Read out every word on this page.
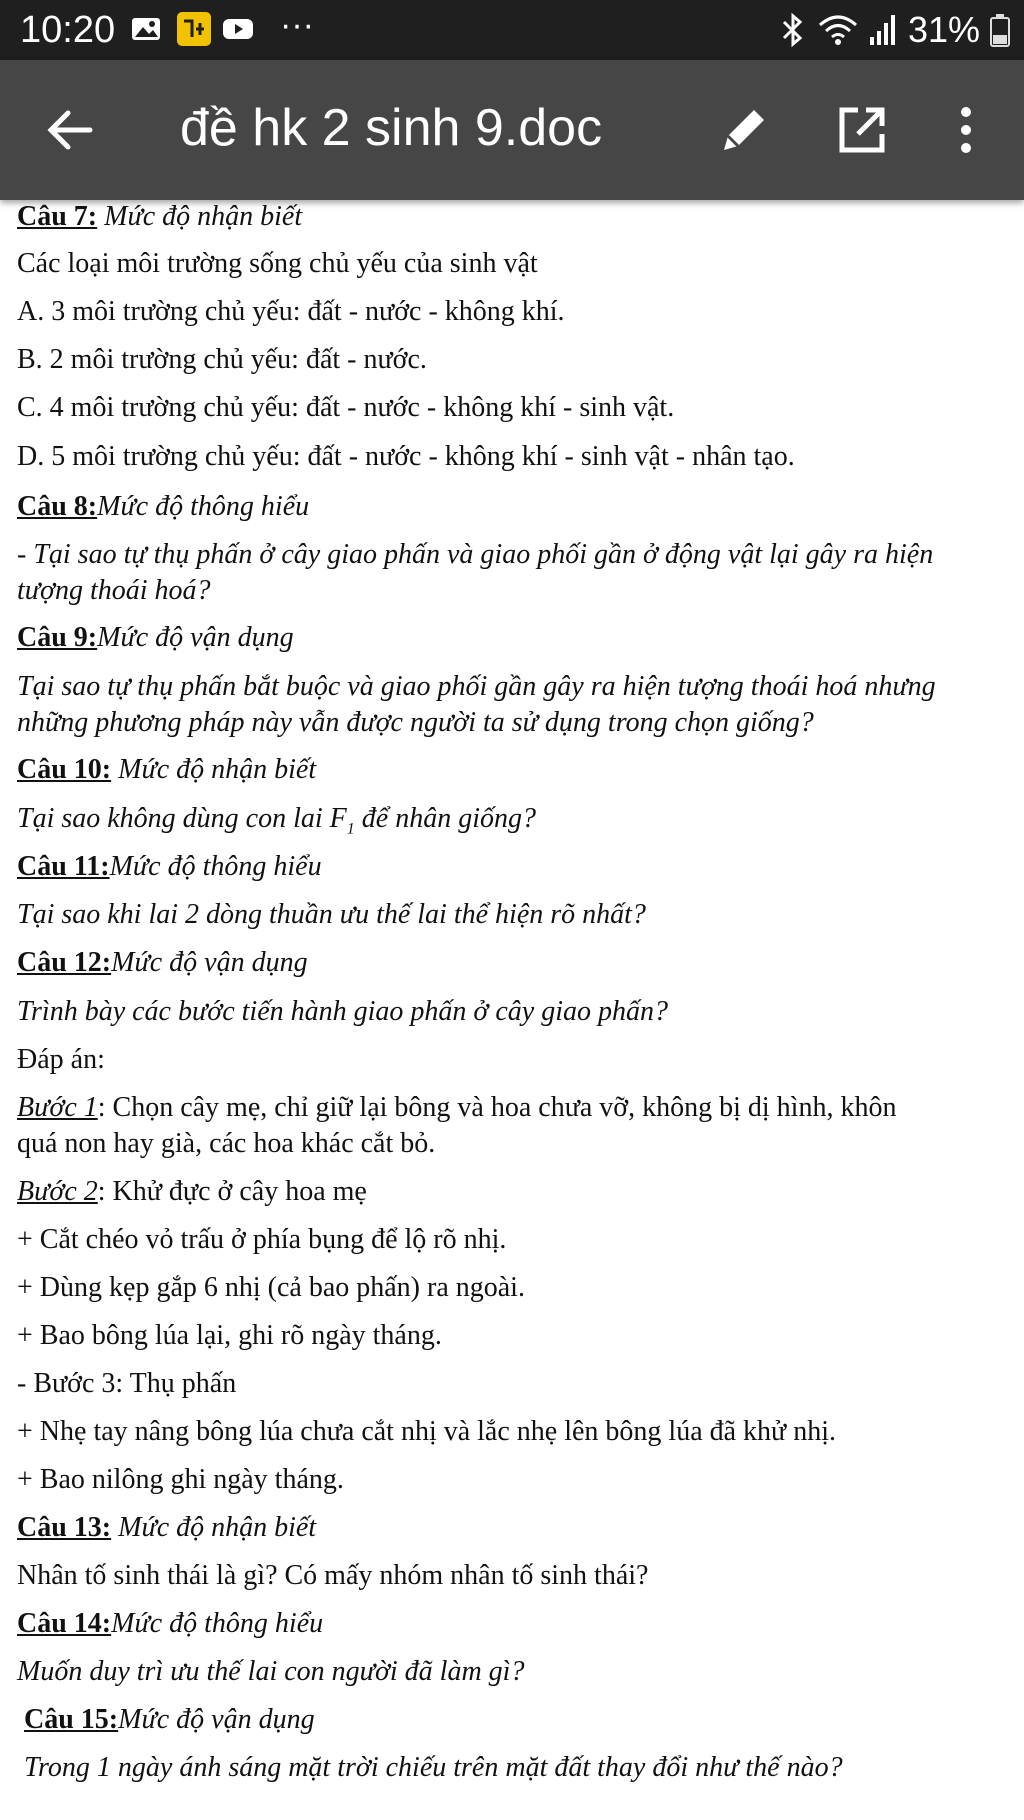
10:20	···	31%
đề hk 2 sinh 9.doc
Câu 7: Mức độ nhận biết
Các loại môi trường sống chủ yếu của sinh vật
A. 3 môi trường chủ yếu: đất - nước - không khí.
B. 2 môi trường chủ yếu: đất - nước.
C. 4 môi trường chủ yếu: đất - nước - không khí - sinh vật.
D. 5 môi trường chủ yếu: đất - nước - không khí - sinh vật - nhân tạo.
Câu 8:Mức độ thông hiểu
- Tại sao tự thụ phấn ở cây giao phấn và giao phối gần ở động vật lại gây ra hiện
tượng thoái hoá?
Câu 9:Mức độ vận dụng
Tại sao tự thụ phấn bắt buộc và giao phối gần gây ra hiện tượng thoái hoá nhưng
những phương pháp này vẫn được người ta sử dụng trong chọn giống?
Câu 10: Mức độ nhận biết
Tại sao không dùng con lai $F_1$ để nhân giống?
Câu 11:Mức độ thông hiểu
Tại sao khi lai 2 dòng thuần ưu thế lai thể hiện rõ nhất?
Câu 12:Mức độ vận dụng
Trình bày các bước tiến hành giao phấn ở cây giao phấn?
Đáp án:
Bước 1: Chọn cây mẹ, chỉ giữ lại bông và hoa chưa vỡ, không bị dị hình, khôn
quá non hay già, các hoa khác cắt bỏ.
Bước 2: Khử đực ở cây hoa mẹ
+ Cắt chéo vỏ trấu ở phía bụng để lộ rõ nhị.
+ Dùng kẹp gắp 6 nhị (cả bao phấn) ra ngoài.
+ Bao bông lúa lại, ghi rõ ngày tháng.
- Bước 3: Thụ phấn
+ Nhẹ tay nâng bông lúa chưa cắt nhị và lắc nhẹ lên bông lúa đã khử nhị.
+ Bao nilông ghi ngày tháng.
Câu 13: Mức độ nhận biết
Nhân tố sinh thái là gì? Có mấy nhóm nhân tố sinh thái?
Câu 14:Mức độ thông hiểu
Muốn duy trì ưu thế lai con người đã làm gì?
Câu 15:Mức độ vận dụng
Trong 1 ngày ánh sáng mặt trời chiếu trên mặt đất thay đổi như thế nào?
